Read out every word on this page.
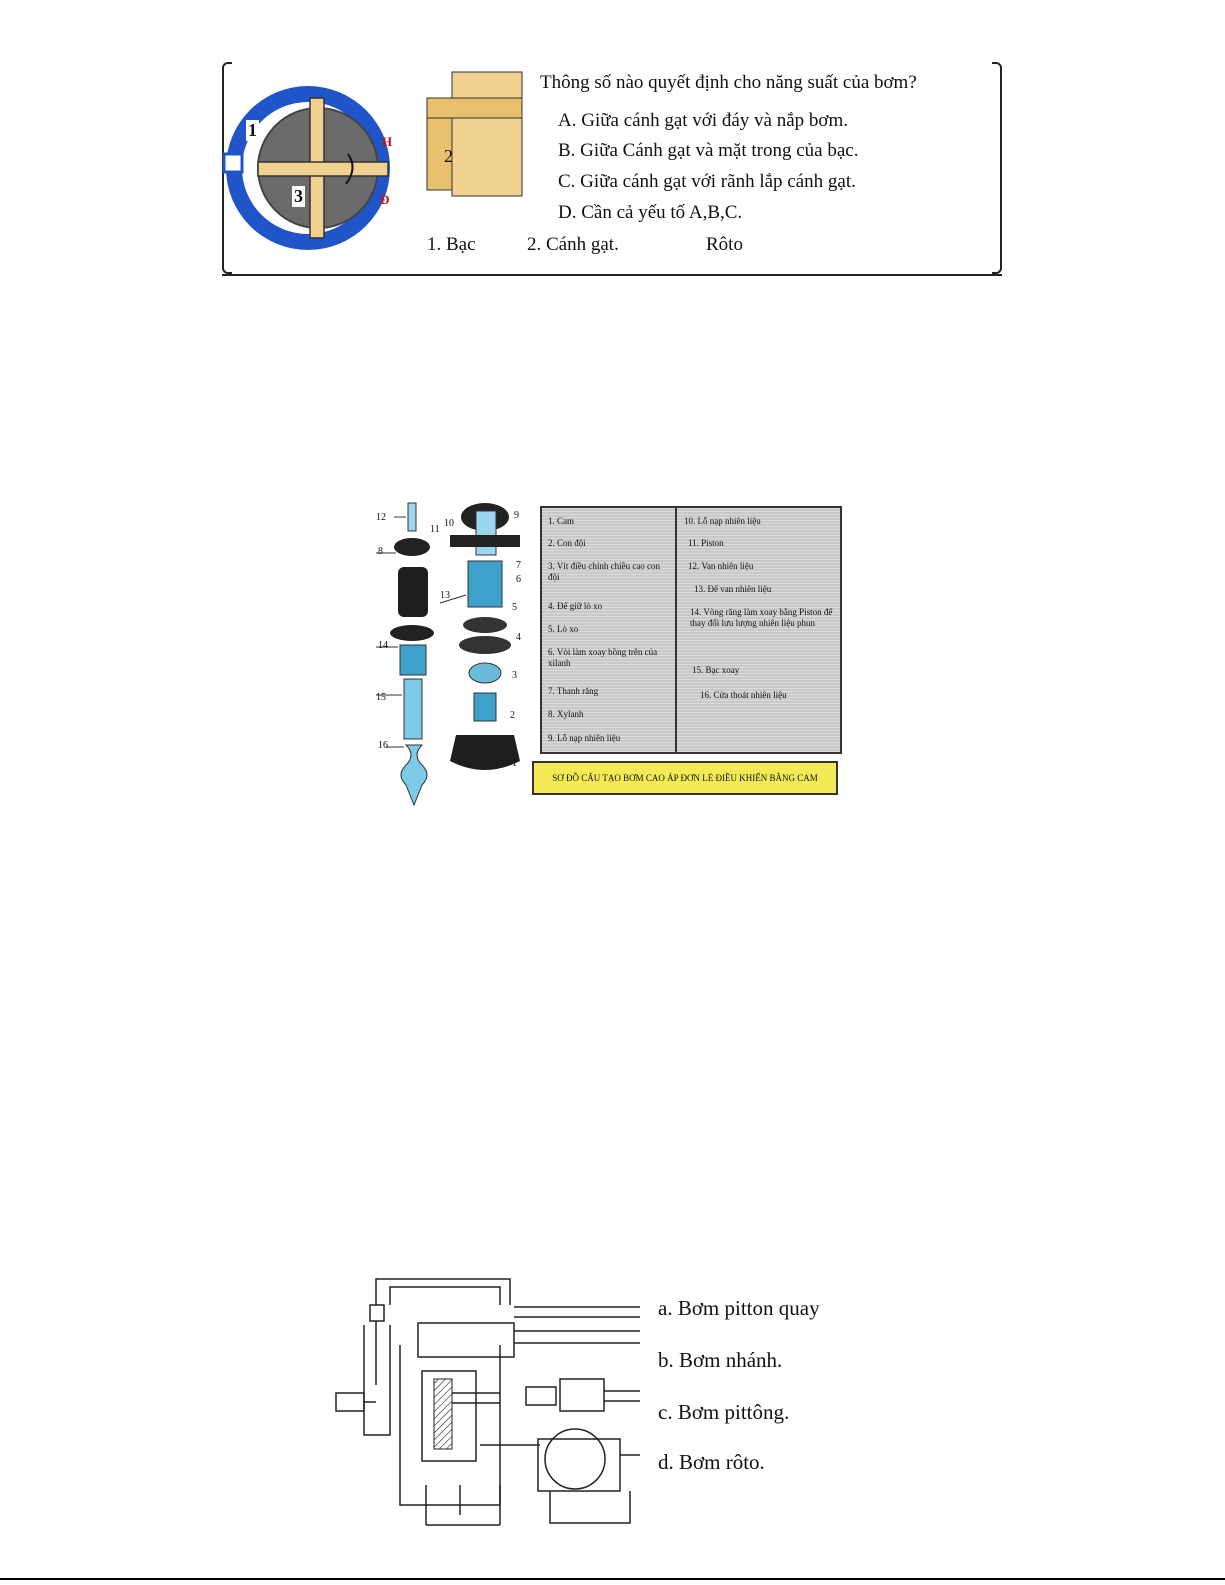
1
2
3
H
Đ
Thông số nào quyết định cho năng suất của bơm?
A. Giữa cánh gạt với đáy và nắp bơm.
B. Giữa Cánh gạt và mặt trong của bạc.
C. Giữa cánh gạt với rãnh lắp cánh gạt.
D. Cần cả yếu tố A,B,C.
1. Bạc	2. Cánh gạt.	Rôto
12
11
10
9
8
7
6
5
4
3
2
1
13
14
15
16
1. Cam
2. Con đội
3. Vít điều chỉnh chiều cao con đội
4. Đế giữ lò xo
5. Lò xo
6. Vòi làm xoay bồng trên của xilanh
7. Thanh răng
8. Xylanh
9. Lỗ nạp nhiên liệu
10. Lỗ nạp nhiên liệu
11. Piston
12. Van nhiên liệu
13. Đế van nhiên liệu
14. Vòng răng làm xoay bằng Piston để thay đổi lưu lượng nhiên liệu phun
15. Bạc xoay
16. Cửa thoát nhiên liệu
SƠ ĐỒ CẤU TẠO BƠM CAO ÁP ĐƠN LẺ ĐIỀU KHIỂN BẰNG CAM
a. Bơm pitton quay
b. Bơm nhánh.
c. Bơm pittông.
d. Bơm rôto.
